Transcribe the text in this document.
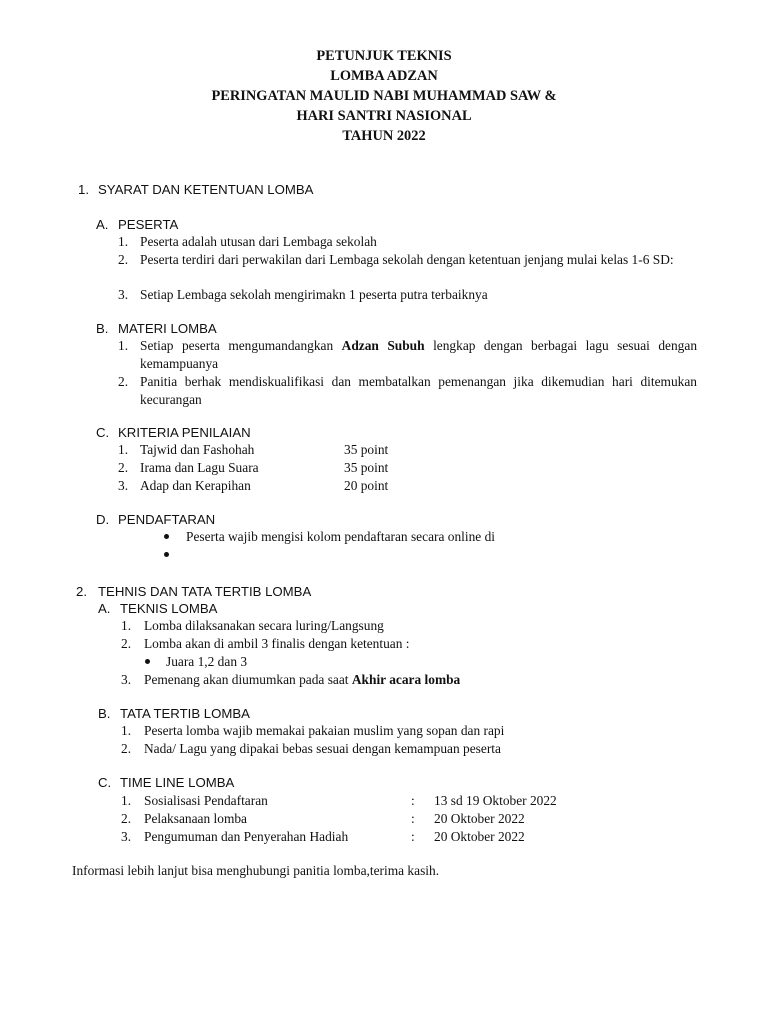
PETUNJUK TEKNIS
LOMBA ADZAN
PERINGATAN MAULID NABI MUHAMMAD SAW &
HARI SANTRI NASIONAL
TAHUN 2022
1. SYARAT DAN KETENTUAN LOMBA
A. PESERTA
1. Peserta adalah utusan dari Lembaga sekolah
2. Peserta terdiri dari perwakilan dari Lembaga sekolah dengan ketentuan jenjang mulai kelas 1-6 SD:
3. Setiap Lembaga sekolah mengirimakn 1 peserta putra terbaiknya
B. MATERI LOMBA
1. Setiap peserta mengumandangkan Adzan Subuh lengkap dengan berbagai lagu sesuai dengan kemampuanya
2. Panitia berhak mendiskualifikasi dan membatalkan pemenangan jika dikemudian hari ditemukan kecurangan
C. KRITERIA PENILAIAN
1. Tajwid dan Fashohah	35 point
2. Irama dan Lagu Suara	35 point
3. Adap dan Kerapihan	20 point
D. PENDAFTARAN
Peserta wajib mengisi kolom pendaftaran secara online di
2. TEHNIS DAN TATA TERTIB LOMBA
A. TEKNIS LOMBA
1. Lomba dilaksanakan secara luring/Langsung
2. Lomba akan di ambil 3 finalis dengan ketentuan :
Juara 1,2 dan 3
3. Pemenang akan diumumkan pada saat Akhir acara lomba
B. TATA TERTIB LOMBA
1. Peserta lomba wajib memakai pakaian muslim yang sopan dan rapi
2. Nada/ Lagu yang dipakai bebas sesuai dengan kemampuan peserta
C. TIME LINE LOMBA
1. Sosialisasi Pendaftaran	: 13 sd 19 Oktober 2022
2. Pelaksanaan lomba	: 20 Oktober 2022
3. Pengumuman dan Penyerahan Hadiah	: 20 Oktober 2022
Informasi lebih lanjut bisa menghubungi panitia lomba,terima kasih.
